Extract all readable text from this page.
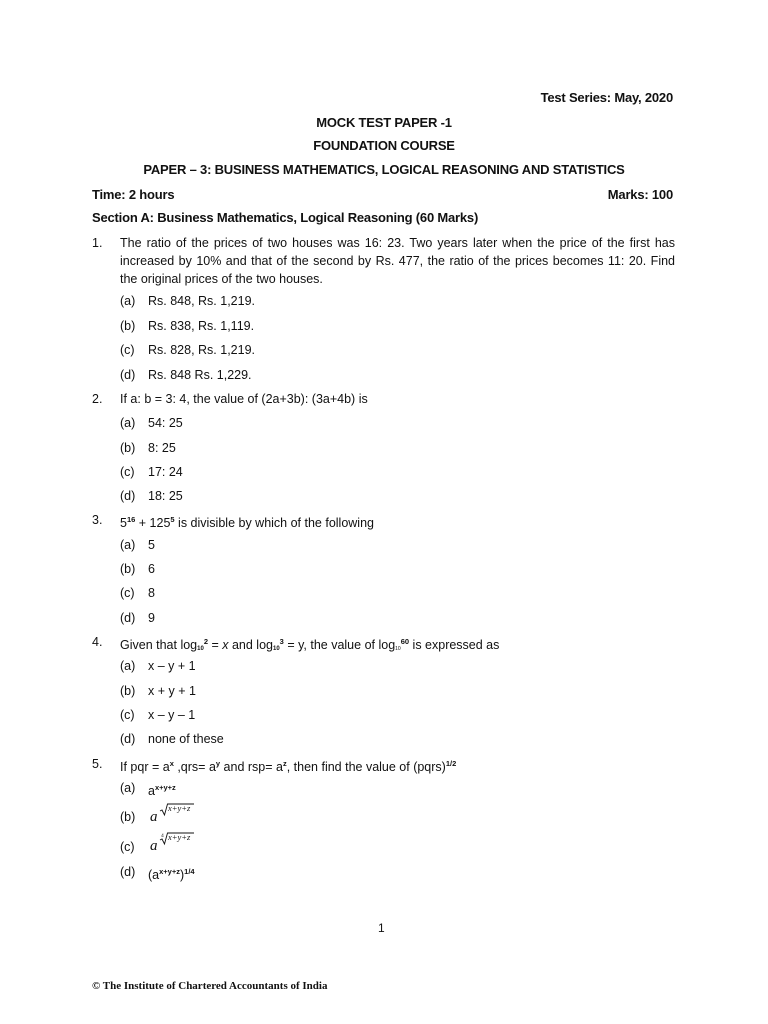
Test Series: May, 2020
MOCK TEST PAPER -1
FOUNDATION COURSE
PAPER – 3: BUSINESS MATHEMATICS, LOGICAL REASONING AND STATISTICS
Time: 2 hours	Marks: 100
Section A: Business Mathematics, Logical Reasoning (60 Marks)
1. The ratio of the prices of two houses was 16: 23. Two years later when the price of the first has increased by 10% and that of the second by Rs. 477, the ratio of the prices becomes 11: 20. Find the original prices of the two houses.
(a) Rs. 848, Rs. 1,219.
(b) Rs. 838, Rs. 1,119.
(c) Rs. 828, Rs. 1,219.
(d) Rs. 848 Rs. 1,229.
2. If a: b = 3: 4, the value of (2a+3b): (3a+4b) is
(a) 54: 25
(b) 8: 25
(c) 17: 24
(d) 18: 25
3. $5^{16} + 125^5$ is divisible by which of the following
(a) 5
(b) 6
(c) 8
(d) 9
4. Given that $\log 10^2 = x$ and $\log 10^3 = y$, the value of $\log 10^{60}$ is expressed as
(a) x – y + 1
(b) x + y + 1
(c) x – y – 1
(d) none of these
5. If pqr = $a^x$ $,qrs= a^y$ and $rsp= a^z$, then find the value of (pqrs)$^{1/2}$
(a) $a^{x+y+z}$
(b) a
x+y+z
(c) a
4 x+y+z
(d) $(a^{x+y+z})^{1/4}$
1
© The Institute of Chartered Accountants of India
